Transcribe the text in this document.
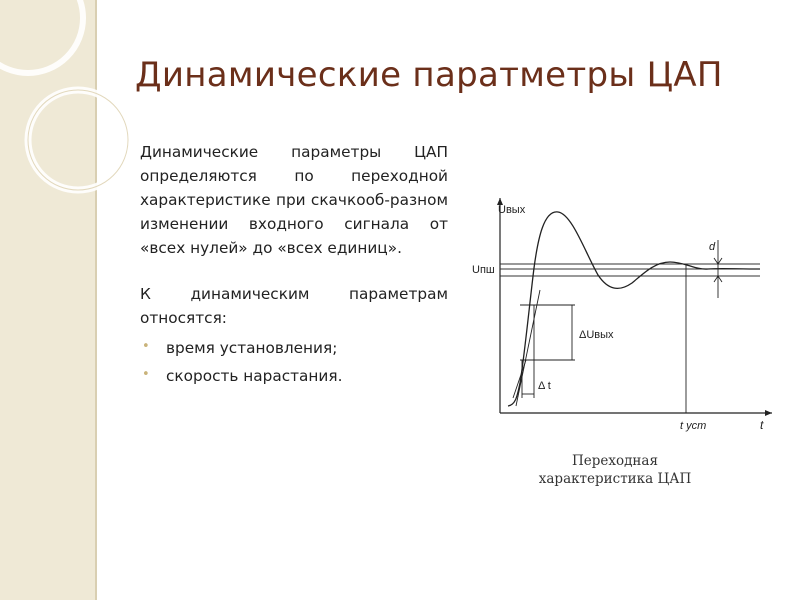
Динамические паратметры ЦАП

Динамические параметры ЦАП определяются по переходной характеристике при скачкооб-разном изменении входного сигнала от «всех нулей» до «всех единиц».

К динамическим параметрам относятся:

• время установления;
• скорость нарастания.
Uвых
Uпш
ΔUвых
Δ t
d
t уст	t
Переходная
характеристика ЦАП
